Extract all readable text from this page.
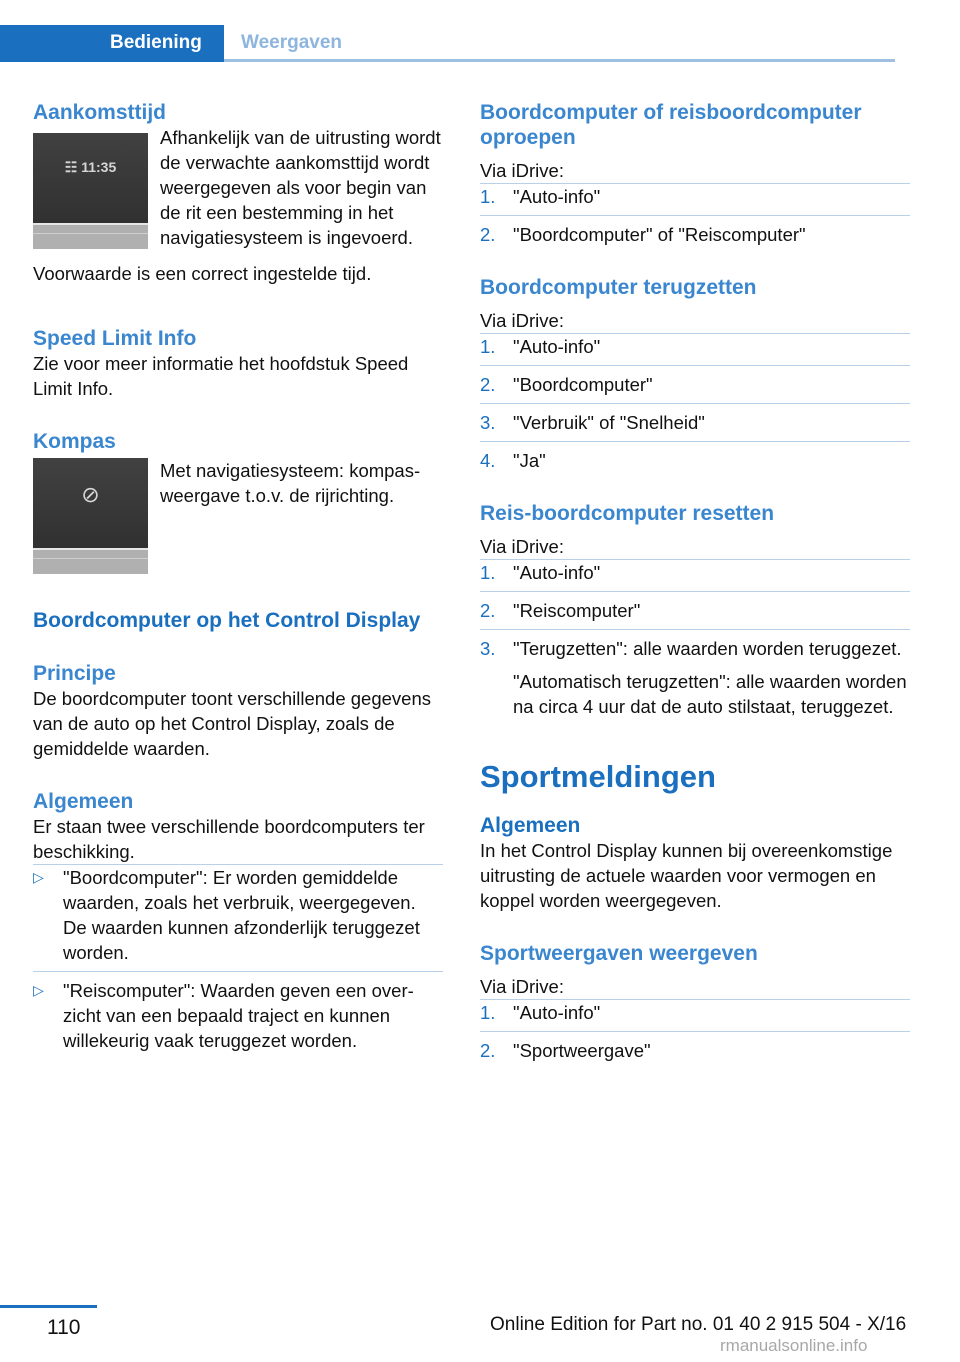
Bediening	Weergaven
Aankomsttijd
☷ 11:35

Afhankelijk van de uitrusting wordt de verwachte aankomsttijd wordt weergegeven als voor begin van de rit een bestemming in het navigatiesysteem is ingevoerd.

Voorwaarde is een correct ingestelde tijd.

Speed Limit Info

Zie voor meer informatie het hoofdstuk Speed Limit Info.

Kompas
⊘

Met navigatiesysteem: kompasweergave t.o.v. de rijrichting.

Boordcomputer op het Control Display
Principe

De boordcomputer toont verschillende gegevens van de auto op het Control Display, zoals de gemiddelde waarden.

Algemeen

Er staan twee verschillende boordcomputers ter beschikking.

▷	"Boordcomputer": Er worden gemiddelde waarden, zoals het verbruik, weergegeven. De waarden kunnen afzonderlijk teruggezet worden.
▷	"Reiscomputer": Waarden geven een overzicht van een bepaald traject en kunnen willekeurig vaak teruggezet worden.
Boordcomputer of reisboordcomputer oproepen

Via iDrive:

1. "Auto-info"
2. "Boordcomputer" of "Reiscomputer"
Boordcomputer terugzetten

Via iDrive:

1. "Auto-info"
2. "Boordcomputer"
3. "Verbruik" of "Snelheid"
4. "Ja"
Reis-boordcomputer resetten

Via iDrive:

1. "Auto-info"
2. "Reiscomputer"
3. "Terugzetten": alle waarden worden teruggezet.
"Automatisch terugzetten": alle waarden worden na circa 4 uur dat de auto stilstaat, teruggezet.
Sportmeldingen
Algemeen

In het Control Display kunnen bij overeenkomstige uitrusting de actuele waarden voor vermogen en koppel worden weergegeven.

Sportweergaven weergeven

Via iDrive:

1. "Auto-info"
2. "Sportweergave"
110	Online Edition for Part no. 01 40 2 915 504 - X/16
rmanualsonline.info
